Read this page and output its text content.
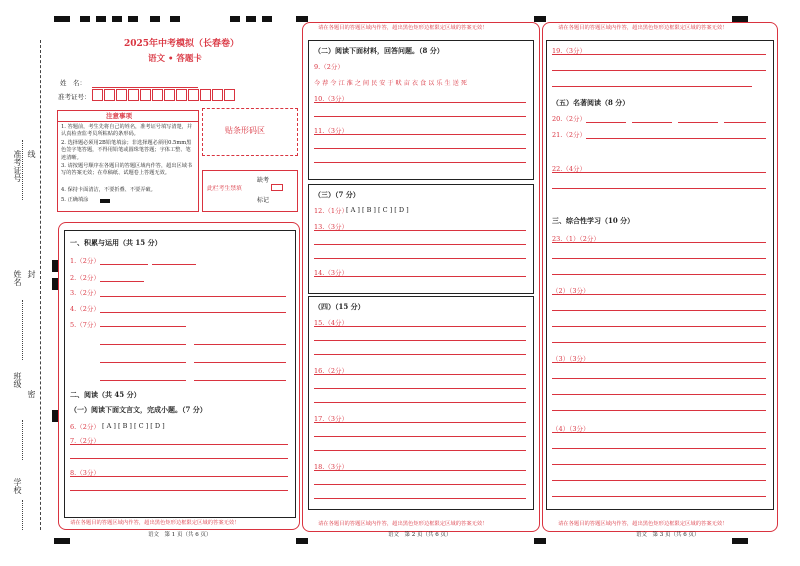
准考证号 线
姓名 封
班级
密
学校
2025年中考模拟（长春卷）
语文 • 答题卡
姓　名：
准考证号：
注意事项
1. 答题前，考生先将自己的姓名，准考证号填写清楚，并认真检查监考员所粘贴的条形码。
2. 选择题必须用2B铅笔填涂；非选择题必须用0.5mm黑色签字笔答题，不得用铅笔或圆珠笔答题；字体工整、笔迹清晰。
3. 请按题号顺序在各题目的答题区域内作答，超出区域书写的答案无效；在草稿纸、试题卷上答题无效。
4. 保持卡面清洁，不要折叠、不要弄破。
5. 正确填涂
贴条形码区
此栏考生禁填
缺考
标记
请在各题目的答题区域内作答，超出黑色矩形边框限定区域的答案无效！
一、积累与运用（共 15 分）
1.（2分）
2.（2分）
3.（2分）
4.（2分）
5.（7分）
二、阅读（共 45 分）
（一）阅读下面文言文，完成小题。（7 分）
6.（2分） [ A ] [ B ] [ C ] [ D ]
7.（2分）
8.（3分）
语文　第 1 页（共 6 页）
请在各题目的答题区域内作答，超出黑色矩形边框限定区域的答案无效！
请在各题目的答题区域内作答，超出黑色矩形边框限定区域的答案无效！
（二）阅读下面材料，回答问题。（8 分）
9.（2分）
今 荐 令 江 淮 之 间 民 安 于 畎 亩 衣 食 以 乐 生 送 死
10.（3分）
11.（3分）
（三）（7 分）
12.（1分）
[ A ] [ B ] [ C ] [ D ]
13.（3分）
14.（3分）
（四）（15 分）
15.（4分）
16.（2分）
17.（3分）
18.（3分）
语文　第 2 页（共 6 页）
请在各题目的答题区域内作答，超出黑色矩形边框限定区域的答案无效！
请在各题目的答题区域内作答，超出黑色矩形边框限定区域的答案无效！
19.（3分）
（五）名著阅读（8 分）
20.（2分）
21.（2分）
22.（4分）
三、综合性学习（10 分）
23.（1）（2分）
（2）（3分）
（3）（3分）
（4）（3分）
语文　第 3 页（共 6 页）
